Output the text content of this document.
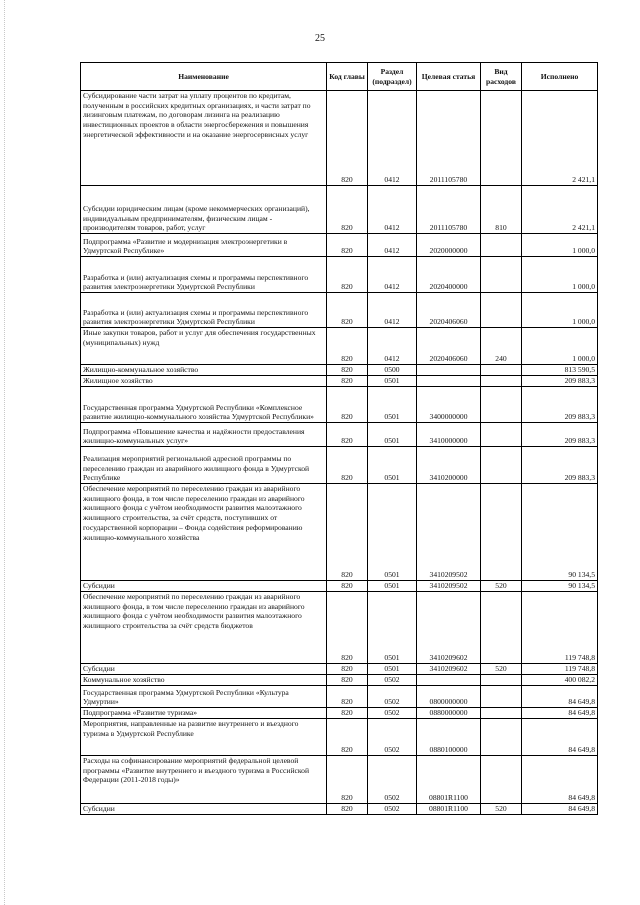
25
Наименование	Код главы	Раздел (подраздел)	Целевая статья	Вид расходов	Исполнено
Субсидирование части затрат на уплату процентов по кредитам, полученным в российских кредитных организациях, и части затрат по лизинговым платежам, по договорам лизинга на реализацию инвестиционных проектов в области энергосбережения и повышения энергетической эффективности и на оказание энергосервисных услуг	820	0412	2011105780		2 421,1
Субсидии юридическим лицам (кроме некоммерческих организаций), индивидуальным предпринимателям, физическим лицам - производителям товаров, работ, услуг	820	0412	2011105780	810	2 421,1
Подпрограмма «Развитие и модернизация электроэнергетики в Удмуртской Республике»	820	0412	2020000000		1 000,0
Разработка и (или) актуализация схемы и программы перспективного развития электроэнергетики Удмуртской Республики	820	0412	2020400000		1 000,0
Разработка и (или) актуализация схемы и программы перспективного развития электроэнергетики Удмуртской Республики	820	0412	2020406060		1 000,0
Иные закупки товаров, работ и услуг для обеспечения государственных (муниципальных) нужд	820	0412	2020406060	240	1 000,0
Жилищно-коммунальное хозяйство	820	0500			813 590,5
Жилищное хозяйство	820	0501			209 883,3
Государственная программа Удмуртской Республики «Комплексное развитие жилищно-коммунального хозяйства Удмуртской Республики»	820	0501	3400000000		209 883,3
Подпрограмма «Повышение качества и надёжности предоставления жилищно-коммунальных услуг»	820	0501	3410000000		209 883,3
Реализация мероприятий региональной адресной программы по переселению граждан из аварийного жилищного фонда в Удмуртской Республике	820	0501	3410200000		209 883,3
Обеспечение мероприятий по переселению граждан из аварийного жилищного фонда, в том числе переселению граждан из аварийного жилищного фонда с учётом необходимости развития малоэтажного жилищного строительства, за счёт средств, поступивших от государственной корпорации – Фонда содействия реформированию жилищно-коммунального хозяйства	820	0501	3410209502		90 134,5
Субсидии	820	0501	3410209502	520	90 134,5
Обеспечение мероприятий по переселению граждан из аварийного жилищного фонда, в том числе переселению граждан из аварийного жилищного фонда с учётом необходимости развития малоэтажного жилищного строительства за счёт средств бюджетов	820	0501	3410209602		119 748,8
Субсидии	820	0501	3410209602	520	119 748,8
Коммунальное хозяйство	820	0502			400 082,2
Государственная программа Удмуртской Республики «Культура Удмуртии»	820	0502	0800000000		84 649,8
Подпрограмма «Развитие туризма»	820	0502	0880000000		84 649,8
Мероприятия, направленные на развитие внутреннего и въездного туризма в Удмуртской Республике	820	0502	0880100000		84 649,8
Расходы на софинансирование мероприятий федеральной целевой программы «Развитие внутреннего и въездного туризма в Российской Федерации (2011-2018 годы)»	820	0502	08801R1100		84 649,8
Субсидии	820	0502	08801R1100	520	84 649,8
